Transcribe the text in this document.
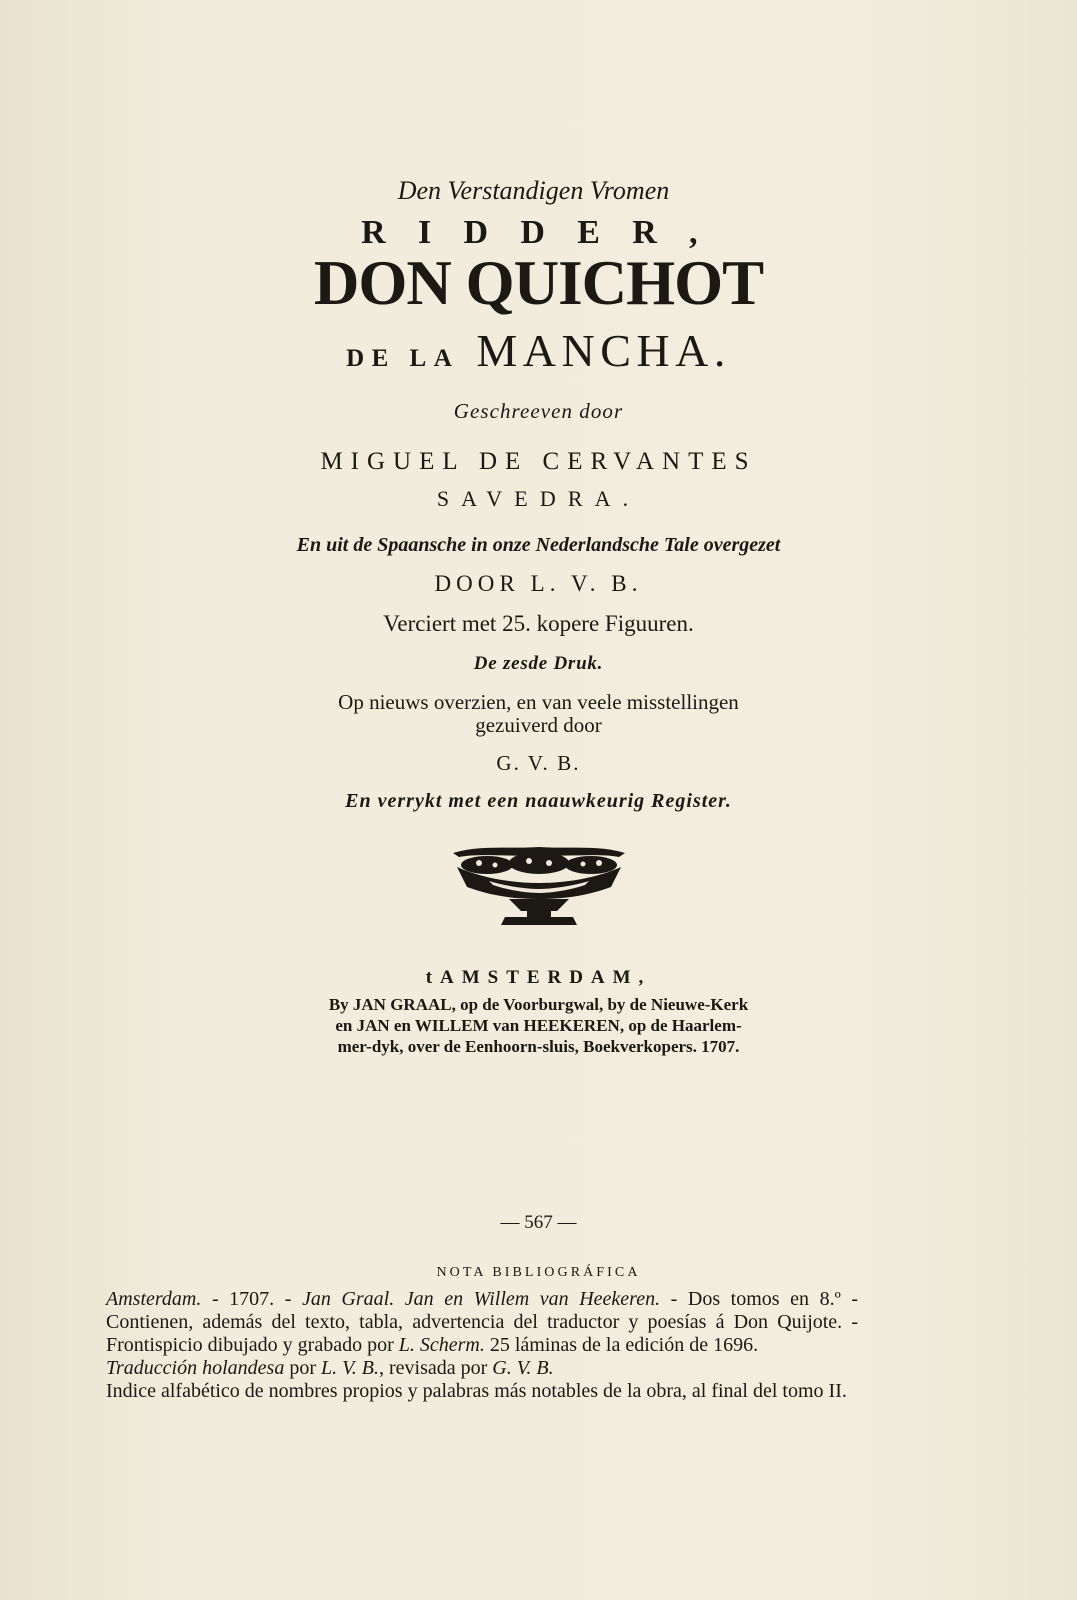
Den Verstandigen Vromen
RIDDER,
DON QUICHOT
DE LA MANCHA.
Geschreeven door
MIGUEL DE CERVANTES
SAVEDRA.
En uit de Spaansche in onze Nederlandsche Tale overgezet
DOOR L. V. B.
Verciert met 25. kopere Figuuren.
De zesde Druk.
Op nieuws overzien, en van veele misstellingen
gezuiverd door
G. V. B.
En verrykt met een naauwkeurig Register.
tAMSTERDAM,
By JAN GRAAL, op de Voorburgwal, by de Nieuwe-Kerk
en JAN en WILLEM van HEEKEREN, op de Haarlem-
mer-dyk, over de Eenhoorn-sluis, Boekverkopers. 1707.
— 567 —
NOTA BIBLIOGRÁFICA

Amsterdam. - 1707. - Jan Graal. Jan en Willem van Heekeren. - Dos tomos en 8.º - Contienen, además del texto, tabla, advertencia del traductor y poesías á Don Quijote. - Frontispicio dibujado y grabado por L. Scherm. 25 láminas de la edición de 1696.

Traducción holandesa por L. V. B., revisada por G. V. B.

Indice alfabético de nombres propios y palabras más notables de la obra, al final del tomo II.
